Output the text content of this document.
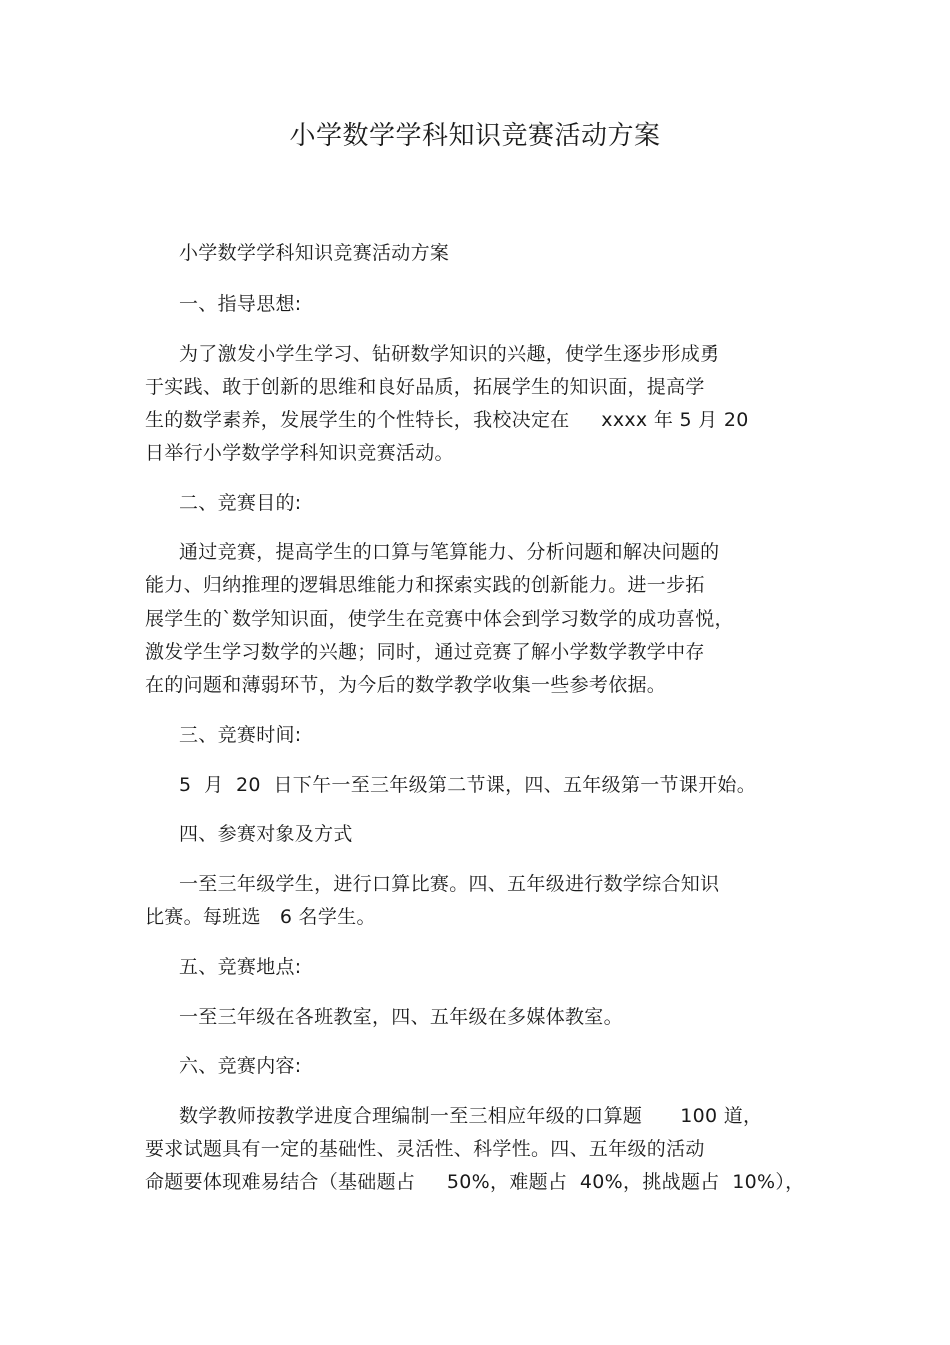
小学数学学科知识竞赛活动方案
小学数学学科知识竞赛活动方案
一、指导思想:
为了激发小学生学习、钻研数学知识的兴趣，使学生逐步形成勇
于实践、敢于创新的思维和良好品质，拓展学生的知识面，提高学
生的数学素养，发展学生的个性特长，我校决定在     xxxx 年 5 月 20
日举行小学数学学科知识竞赛活动。
二、竞赛目的:
通过竞赛，提高学生的口算与笔算能力、分析问题和解决问题的
能力、归纳推理的逻辑思维能力和探索实践的创新能力。进一步拓
展学生的`数学知识面，使学生在竞赛中体会到学习数学的成功喜悦，
激发学生学习数学的兴趣；同时，通过竞赛了解小学数学教学中存
在的问题和薄弱环节，为今后的数学教学收集一些参考依据。
三、竞赛时间:
5  月  20  日下午一至三年级第二节课，四、五年级第一节课开始。
四、参赛对象及方式
一至三年级学生，进行口算比赛。四、五年级进行数学综合知识
比赛。每班选   6 名学生。
五、竞赛地点:
一至三年级在各班教室，四、五年级在多媒体教室。
六、竞赛内容:
数学教师按教学进度合理编制一至三相应年级的口算题      100 道，
要求试题具有一定的基础性、灵活性、科学性。四、五年级的活动
命题要体现难易结合（基础题占     50%，难题占  40%，挑战题占  10%），
